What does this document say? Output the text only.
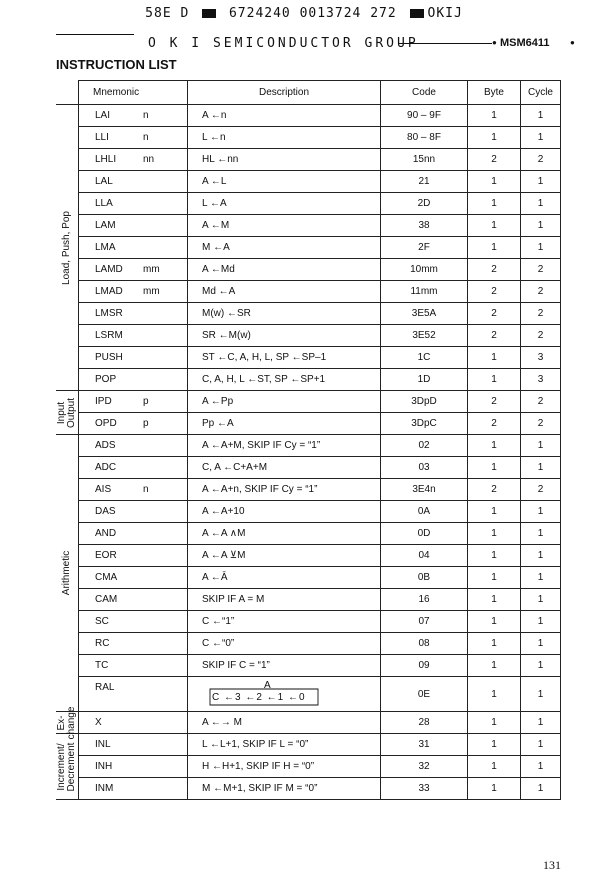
58E D	6724240 0013724 272 OKIJ
O K I SEMICONDUCTOR GROUP	● MSM6411	●
INSTRUCTION LIST
	Mnemonic	Description	Code	Byte	Cycle

Load, Push, Pop	LAI n	A ←n	90 – 9F	1	1

	LLI n	L ←n	80 – 8F	1	1

	LHLI nn	HL ←nn	15nn	2	2

	LAL	A ←L	21	1	1

	LLA	L ←A	2D	1	1

	LAM	A ←M	38	1	1

	LMA	M ←A	2F	1	1

	LAMD mm	A ←Md	10mm	2	2

	LMAD mm	Md ←A	11mm	2	2

	LMSR	M(w) ←SR	3E5A	2	2

	LSRM	SR ←M(w)	3E52	2	2

	PUSH	ST ←C, A, H, L, SP ←SP–1	1C	1	3

	POP	C, A, H, L ←ST, SP ←SP+1	1D	1	3

Input
Output	IPD p	A ←Pp	3DpD	2	2

	OPD p	Pp ←A	3DpC	2	2

Arithmetic	ADS	A ←A+M, SKIP IF Cy = “1”	02	1	1

	ADC	C, A ←C+A+M	03	1	1

	AIS n	A ←A+n, SKIP IF Cy = “1”	3E4n	2	2

	DAS	A ←A+10	0A	1	1

	AND	A ←A ∧M	0D	1	1

	EOR	A ←A ⊻M	04	1	1

	CMA	A ←Ā	0B	1	1

	CAM	SKIP IF A = M	16	1	1

	SC	C ←“1”	07	1	1

	RC	C ←“0”	08	1	1

	TC	SKIP IF C = “1”	09	1	1

	RAL	A
C ←3 ←2 ←1 ←0	0E	1	1

Ex-
change	X	A ←→ M	28	1	1

Increment/
Decrement	INL	L ←L+1, SKIP IF L = “0”	31	1	1

	INH	H ←H+1, SKIP IF H = “0”	32	1	1

	INM	M ←M+1, SKIP IF M = “0”	33	1	1
131
